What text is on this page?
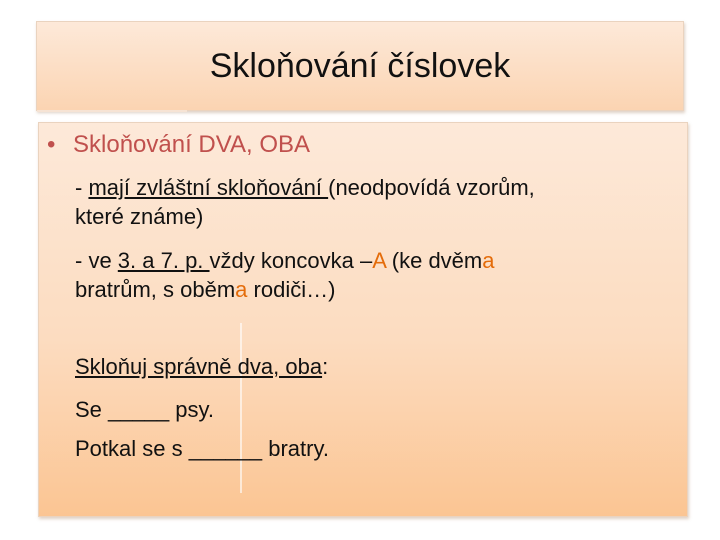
Skloňování číslovek
• Skloňování DVA, OBA
- mají zvláštní skloňování (neodpovídá vzorům,
které známe)
- ve 3. a 7. p. vždy koncovka –A (ke dvěma
bratrům, s oběma rodiči…)
Skloňuj správně dva, oba:
Se _____ psy.
Potkal se s ______ bratry.
